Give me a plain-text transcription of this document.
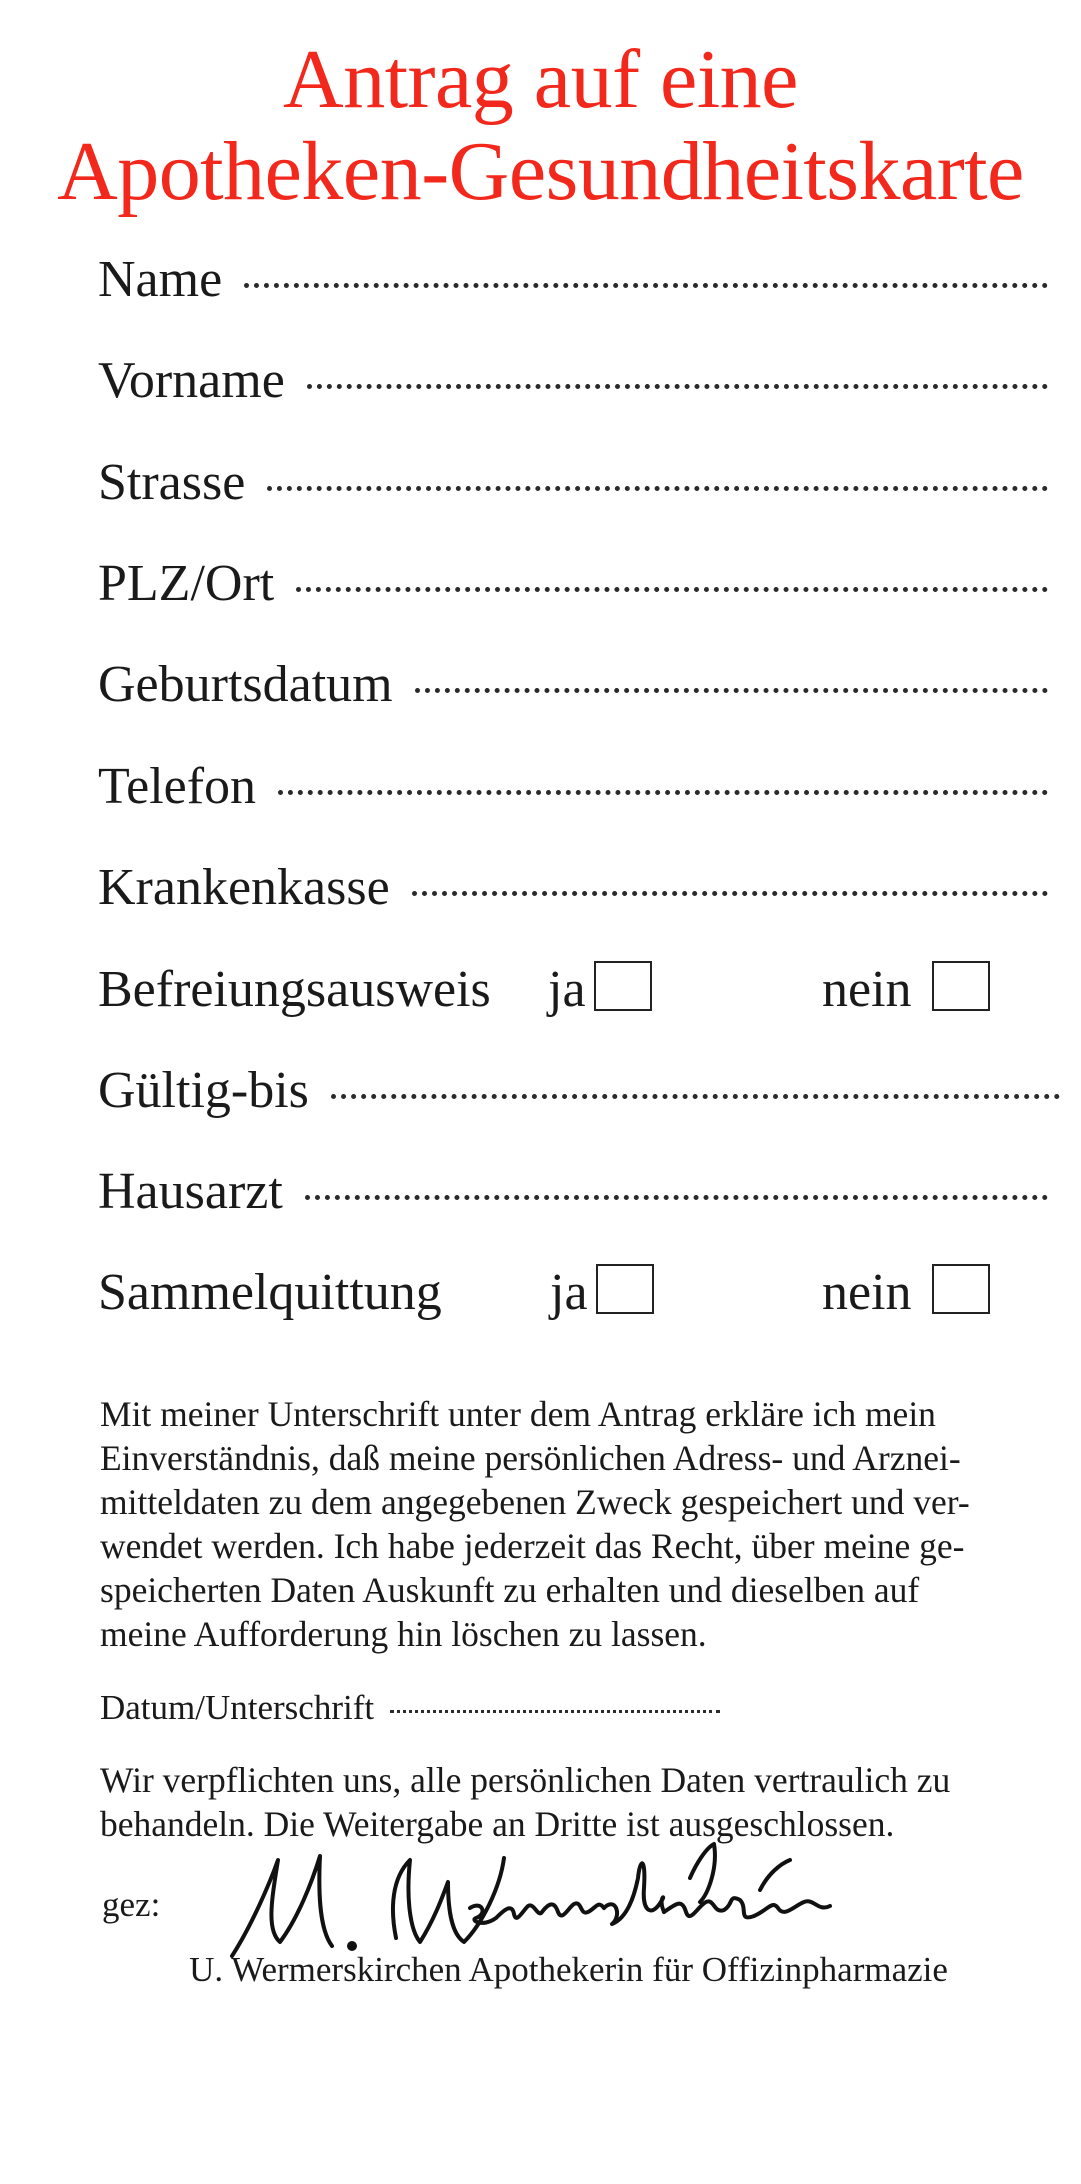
Antrag auf eine
Apotheken-Gesundheitskarte
Name
Vorname
Strasse
PLZ/Ort
Geburtsdatum
Telefon
Krankenkasse
Befreiungsausweis ja	nein
Gültig-bis
Hausarzt
Sammelquittung ja	nein
Mit meiner Unterschrift unter dem Antrag erkläre ich mein
Einverständnis, daß meine persönlichen Adress- und Arznei-
mitteldaten zu dem angegebenen Zweck gespeichert und ver-
wendet werden. Ich habe jederzeit das Recht, über meine ge-
speicherten Daten Auskunft zu erhalten und dieselben auf
meine Aufforderung hin löschen zu lassen.
Datum/Unterschrift
Wir verpflichten uns, alle persönlichen Daten vertraulich zu
behandeln. Die Weitergabe an Dritte ist ausgeschlossen.
gez:
U. Wermerskirchen Apothekerin für Offizinpharmazie
